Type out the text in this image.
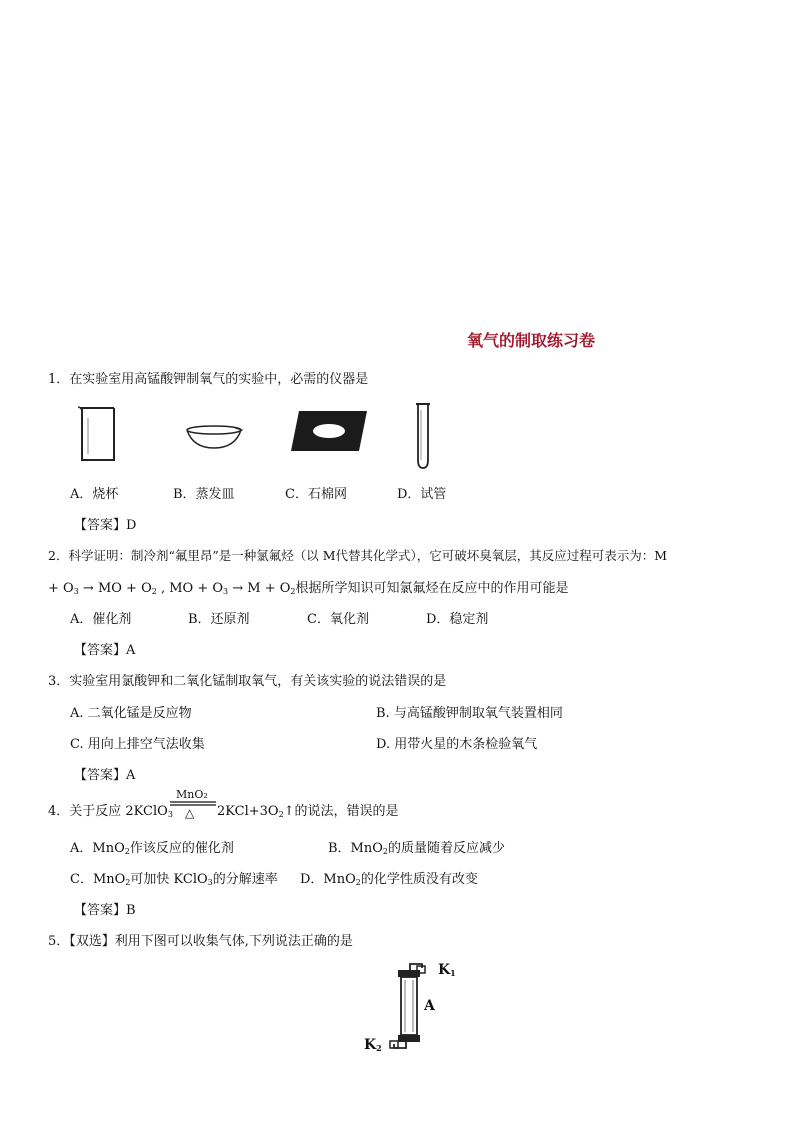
氧气的制取练习卷
1．在实验室用高锰酸钾制氧气的实验中，必需的仪器是
A．烧杯	B．蒸发皿	C．石棉网	D．试管
【答案】D
2．科学证明：制冷剂“氟里昂”是一种氯氟烃（以 M代替其化学式），它可破坏臭氧层，其反应过程可表示为：M
+ $O_3$ → MO + $O_2$ , MO + $O_3 \to M + O_2$根据所学知识可知氯氟烃在反应中的作用可能是
A．催化剂	B．还原剂	C．氧化剂	D．稳定剂
【答案】A
3．实验室用氯酸钾和二氧化锰制取氧气，有关该实验的说法错误的是
A. 二氧化锰是反应物	B. 与高锰酸钾制取氧气装置相同
C. 用向上排空气法收集	D. 用带火星的木条检验氧气
【答案】A
4．关于反应 2KClO$_3$
MnO₂
△ $2KCl+3O_2↑$的说法，错误的是
A．MnO$_2$作该反应的催化剂	B．MnO$_2$的质量随着反应减少
C．MnO$_2$可加快 KClO$_3$的分解速率 D．MnO$_2$的化学性质没有改变
【答案】B
5．【双选】利用下图可以收集气体,下列说法正确的是
$K_1$
A
$K_2$
